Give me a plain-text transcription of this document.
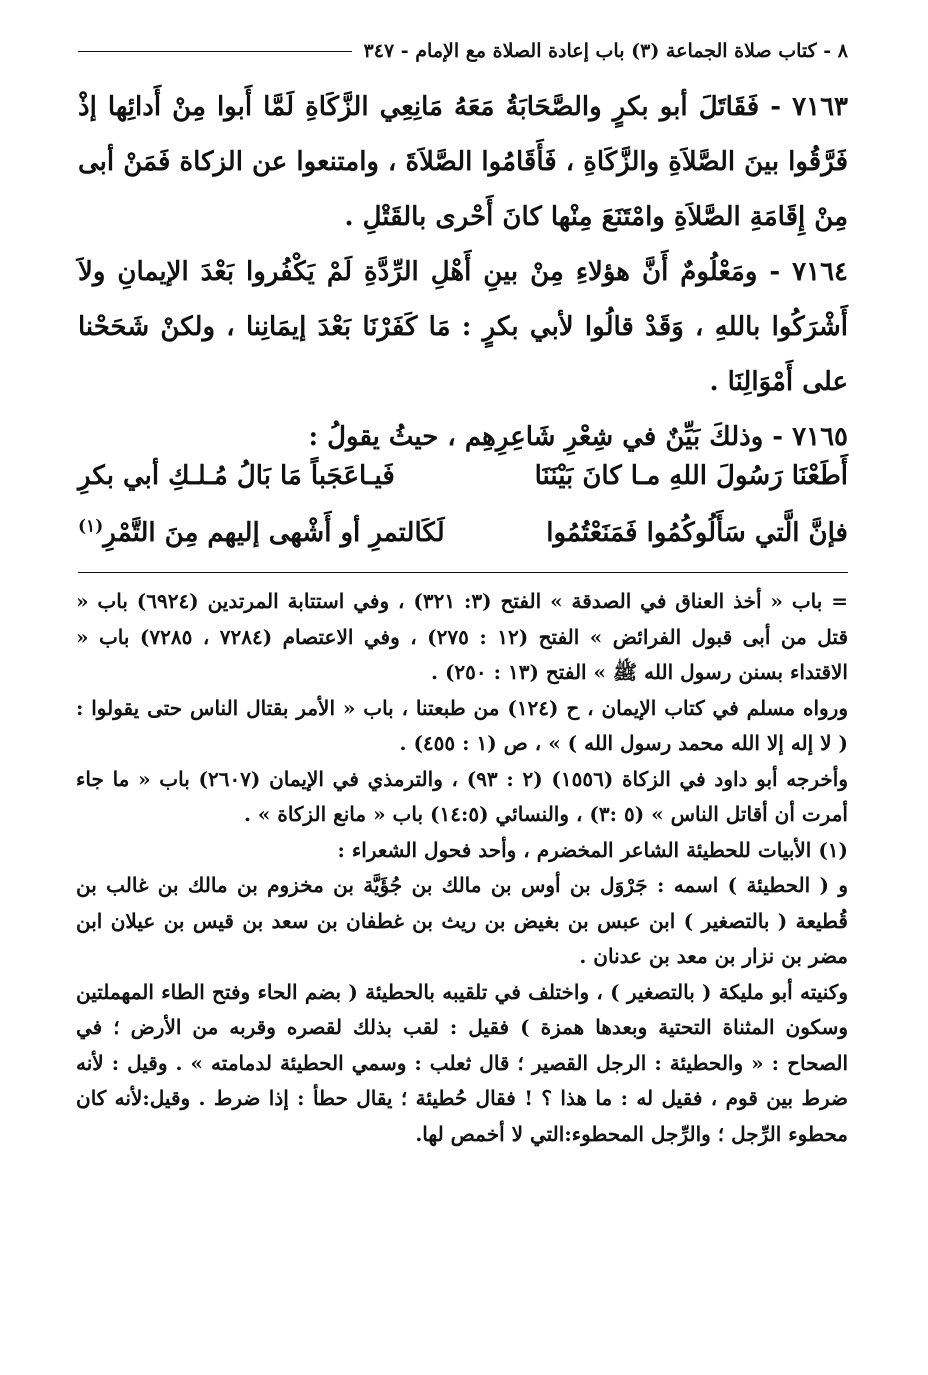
٨ - كتاب صلاة الجماعة (٣) باب إعادة الصلاة مع الإمام - ٣٤٧

٧١٦٣ - فَقَاتَلَ أبو بكرٍ والصَّحَابَةُ مَعَهُ مَانِعِي الزَّكَاةِ لَمَّا أَبوا مِنْ أَدائِها إذْ فَرَّقُوا بينَ الصَّلاَةِ والزَّكَاةِ ، فَأَقَامُوا الصَّلاَةَ ، وامتنعوا عن الزكاة فَمَنْ أبى مِنْ إِقَامَةِ الصَّلاَةِ وامْتَنَعَ مِنْها كانَ أَحْرى بالقَتْلِ .

٧١٦٤ - ومَعْلُومٌ أَنَّ هؤلاءِ مِنْ بينِ أَهْلِ الرِّدَّةِ لَمْ يَكْفُروا بَعْدَ الإيمانِ ولاَ أَشْرَكُوا باللهِ ، وَقَدْ قالُوا لأبي بكرٍ : مَا كَفَرْنَا بَعْدَ إيمَانِنا ، ولكنْ شَحَحْنا على أَمْوَالِنَا .

٧١٦٥ - وذلكَ بَيِّنٌ في شِعْرِ شَاعِرِهِم ، حيثُ يقولُ :

أَطَعْنَا رَسُولَ اللهِ مـا كانَ بَيْنَنَا
فَيـاعَجَباً مَا بَالُ مُـلـكِ أبي بكرِ
فإنَّ الَّتي سَأَلُوكُمُوا فَمَنَعْتُمُوا
لَكَالتمرِ أو أَشْهى إليهم مِنَ التَّمْرِ$^{(١)}$

= باب « أخذ العناق في الصدقة » الفتح (٣: ٣٢١) ، وفي استتابة المرتدين (٦٩٢٤) باب « قتل من أبى قبول الفرائض » الفتح (١٢ : ٢٧٥) ، وفي الاعتصام (٧٢٨٤ ، ٧٢٨٥) باب « الاقتداء بسنن رسول الله ﷺ » الفتح (١٣ : ٢٥٠) .

ورواه مسلم في كتاب الإيمان ، ح (١٢٤) من طبعتنا ، باب « الأمر بقتال الناس حتى يقولوا : ( لا إله إلا الله محمد رسول الله ) » ، ص (١ : ٤٥٥) .

وأخرجه أبو داود في الزكاة (١٥٥٦) (٢ : ٩٣) ، والترمذي في الإيمان (٢٦٠٧) باب « ما جاء أمرت أن أقاتل الناس » (٥ :٣) ، والنسائي (١٤:٥) باب « مانع الزكاة » .

(١) الأبيات للحطيئة الشاعر المخضرم ، وأحد فحول الشعراء :

و ( الحطيئة ) اسمه : جَرْوَل بن أوس بن مالك بن جُؤَيَّة بن مخزوم بن مالك بن غالب بن قُطيعة ( بالتصغير ) ابن عبس بن بغيض بن ريث بن غطفان بن سعد بن قيس بن عيلان ابن مضر بن نزار بن معد بن عدنان .

وكنيته أبو مليكة ( بالتصغير ) ، واختلف في تلقيبه بالحطيئة ( بضم الحاء وفتح الطاء المهملتين وسكون المثناة التحتية وبعدها همزة ) فقيل : لقب بذلك لقصره وقربه من الأرض ؛ في الصحاح : « والحطيئة : الرجل القصير ؛ قال ثعلب : وسمي الحطيئة لدمامته » . وقيل : لأنه ضرط بين قوم ، فقيل له : ما هذا ؟ ! فقال حُطيئة ؛ يقال حطأ : إذا ضرط . وقيل:لأنه كان محطوء الرِّجل ؛ والرِّجل المحطوء:التي لا أخمص لها.
